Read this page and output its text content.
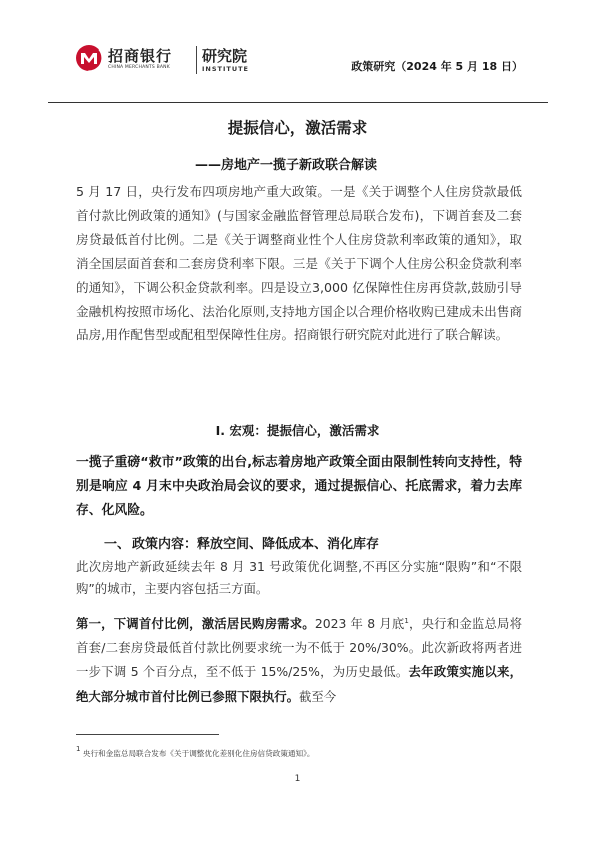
招商银行
CHINA MERCHANTS BANK
研究院
INSTITUTE	政策研究（2024 年 5 月 18 日）
提振信心，激活需求
——房地产一揽子新政联合解读

5 月 17 日，央行发布四项房地产重大政策。一是《关于调整个人住房贷款最低首付款比例政策的通知》(与国家金融监督管理总局联合发布)，下调首套及二套房贷最低首付比例。二是《关于调整商业性个人住房贷款利率政策的通知》，取消全国层面首套和二套房贷利率下限。三是《关于下调个人住房公积金贷款利率的通知》，下调公积金贷款利率。四是设立3,000 亿保障性住房再贷款,鼓励引导金融机构按照市场化、法治化原则,支持地方国企以合理价格收购已建成未出售商品房,用作配售型或配租型保障性住房。招商银行研究院对此进行了联合解读。

I. 宏观：提振信心，激活需求

一揽子重磅“救市”政策的出台,标志着房地产政策全面由限制性转向支持性，特别是响应 4 月末中央政治局会议的要求，通过提振信心、托底需求，着力去库存、化风险。

一、 政策内容：释放空间、降低成本、消化库存

此次房地产新政延续去年 8 月 31 号政策优化调整,不再区分实施“限购”和“不限购”的城市，主要内容包括三方面。

第一，下调首付比例，激活居民购房需求。2023 年 8 月底$^1$，央行和金监总局将首套/二套房贷最低首付款比例要求统一为不低于 20%/30%。此次新政将两者进一步下调 5 个百分点，至不低于 15%/25%，为历史最低。去年政策实施以来，绝大部分城市首付比例已参照下限执行。截至今

$^1$ 央行和金监总局联合发布《关于调整优化差别化住房信贷政策通知》。
1
